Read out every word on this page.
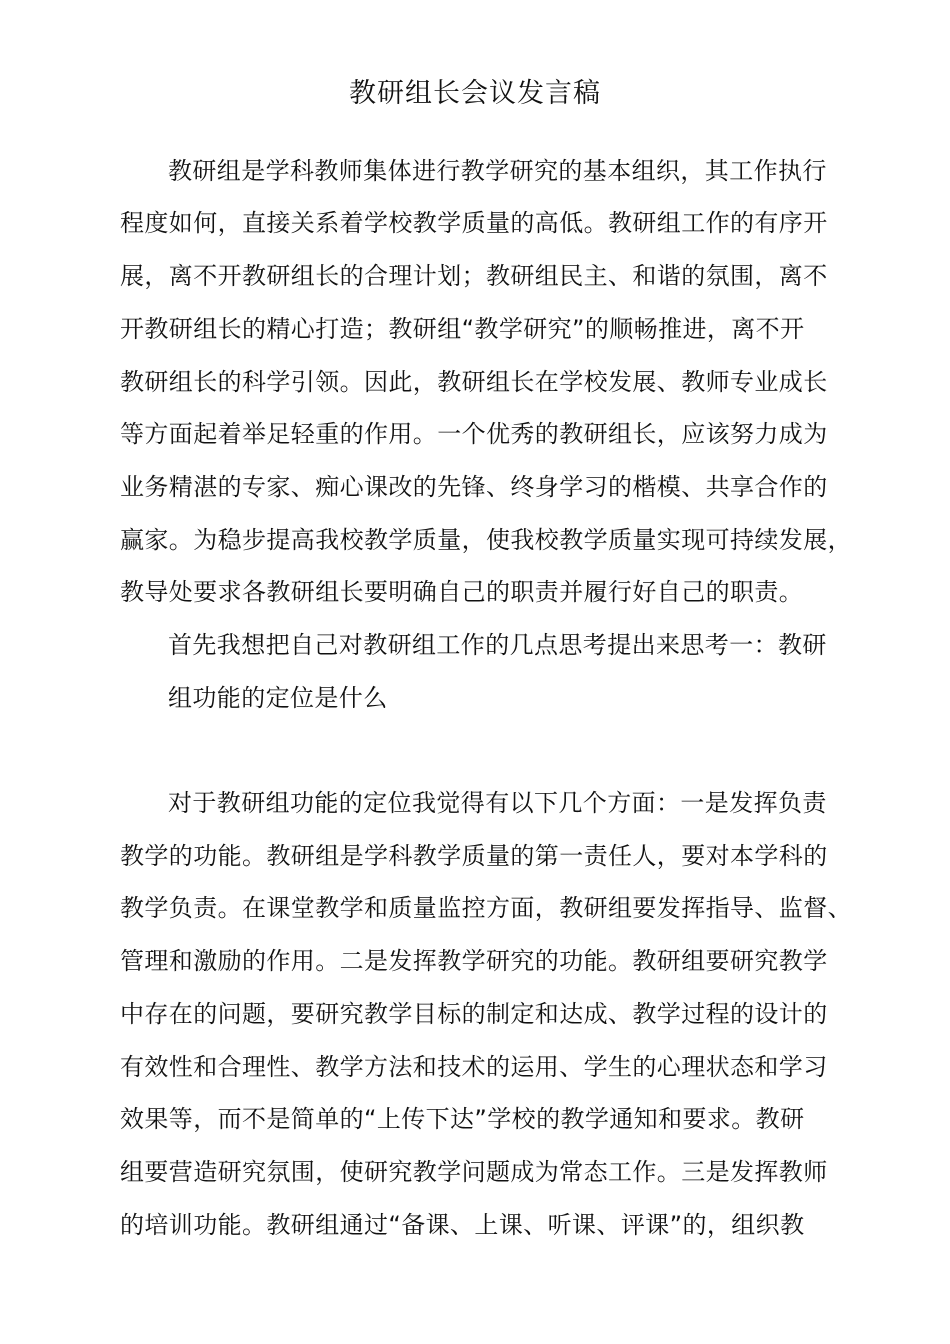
教研组长会议发言稿
教研组是学科教师集体进行教学研究的基本组织，其工作执行
程度如何，直接关系着学校教学质量的高低。教研组工作的有序开
展，离不开教研组长的合理计划；教研组民主、和谐的氛围，离不
开教研组长的精心打造；教研组“教学研究”的顺畅推进，离不开
教研组长的科学引领。因此，教研组长在学校发展、教师专业成长
等方面起着举足轻重的作用。一个优秀的教研组长，应该努力成为
业务精湛的专家、痴心课改的先锋、终身学习的楷模、共享合作的
赢家。为稳步提高我校教学质量，使我校教学质量实现可持续发展，
教导处要求各教研组长要明确自己的职责并履行好自己的职责。
首先我想把自己对教研组工作的几点思考提出来思考一：教研
组功能的定位是什么
对于教研组功能的定位我觉得有以下几个方面：一是发挥负责
教学的功能。教研组是学科教学质量的第一责任人，要对本学科的
教学负责。在课堂教学和质量监控方面，教研组要发挥指导、监督、
管理和激励的作用。二是发挥教学研究的功能。教研组要研究教学
中存在的问题，要研究教学目标的制定和达成、教学过程的设计的
有效性和合理性、教学方法和技术的运用、学生的心理状态和学习
效果等，而不是简单的“上传下达”学校的教学通知和要求。教研
组要营造研究氛围，使研究教学问题成为常态工作。三是发挥教师
的培训功能。教研组通过“备课、上课、听课、评课”的，组织教
